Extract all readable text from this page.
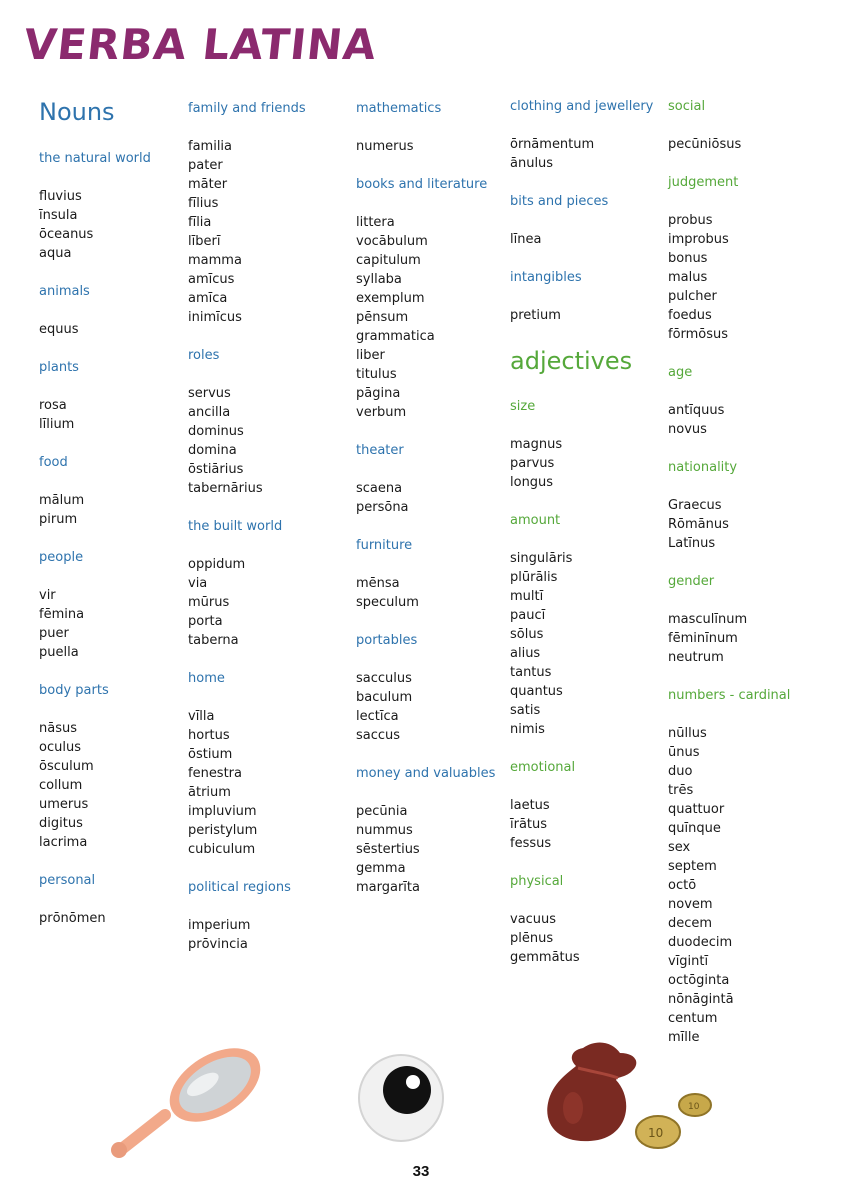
VERBA LATINA
Nouns
the natural world
fluvius
īnsula
ōceanus
aqua
animals
equus
plants
rosa
līlium
food
mālum
pirum
people
vir
fēmina
puer
puella
body parts
nāsus
oculus
ōsculum
collum
umerus
digitus
lacrima
personal
prōnōmen
family and friends
familia
pater
māter
fīlius
fīlia
līberī
mamma
amīcus
amīca
inimīcus
roles
servus
ancilla
dominus
domina
ōstiārius
tabernārius
the built world
oppidum
via
mūrus
porta
taberna
home
vīlla
hortus
ōstium
fenestra
ātrium
impluvium
peristylum
cubiculum
political regions
imperium
prōvincia
mathematics
numerus
books and literature
littera
vocābulum
capitulum
syllaba
exemplum
pēnsum
grammatica
liber
titulus
pāgina
verbum
theater
scaena
persōna
furniture
mēnsa
speculum
portables
sacculus
baculum
lectīca
saccus
money and valuables
pecūnia
nummus
sēstertius
gemma
margarīta
clothing and jewellery
ōrnāmentum
ānulus
bits and pieces
līnea
intangibles
pretium
adjectives
size
magnus
parvus
longus
amount
singulāris
plūrālis
multī
paucī
sōlus
alius
tantus
quantus
satis
nimis
emotional
laetus
īrātus
fessus
physical
vacuus
plēnus
gemmātus
social
pecūniōsus
judgement
probus
improbus
bonus
malus
pulcher
foedus
fōrmōsus
age
antīquus
novus
nationality
Graecus
Rōmānus
Latīnus
gender
masculīnum
fēminīnum
neutrum
numbers - cardinal
nūllus
ūnus
duo
trēs
quattuor
quīnque
sex
septem
octō
novem
decem
duodecim
vīgintī
octōginta
nōnāgintā
centum
mīlle
10
10
33
